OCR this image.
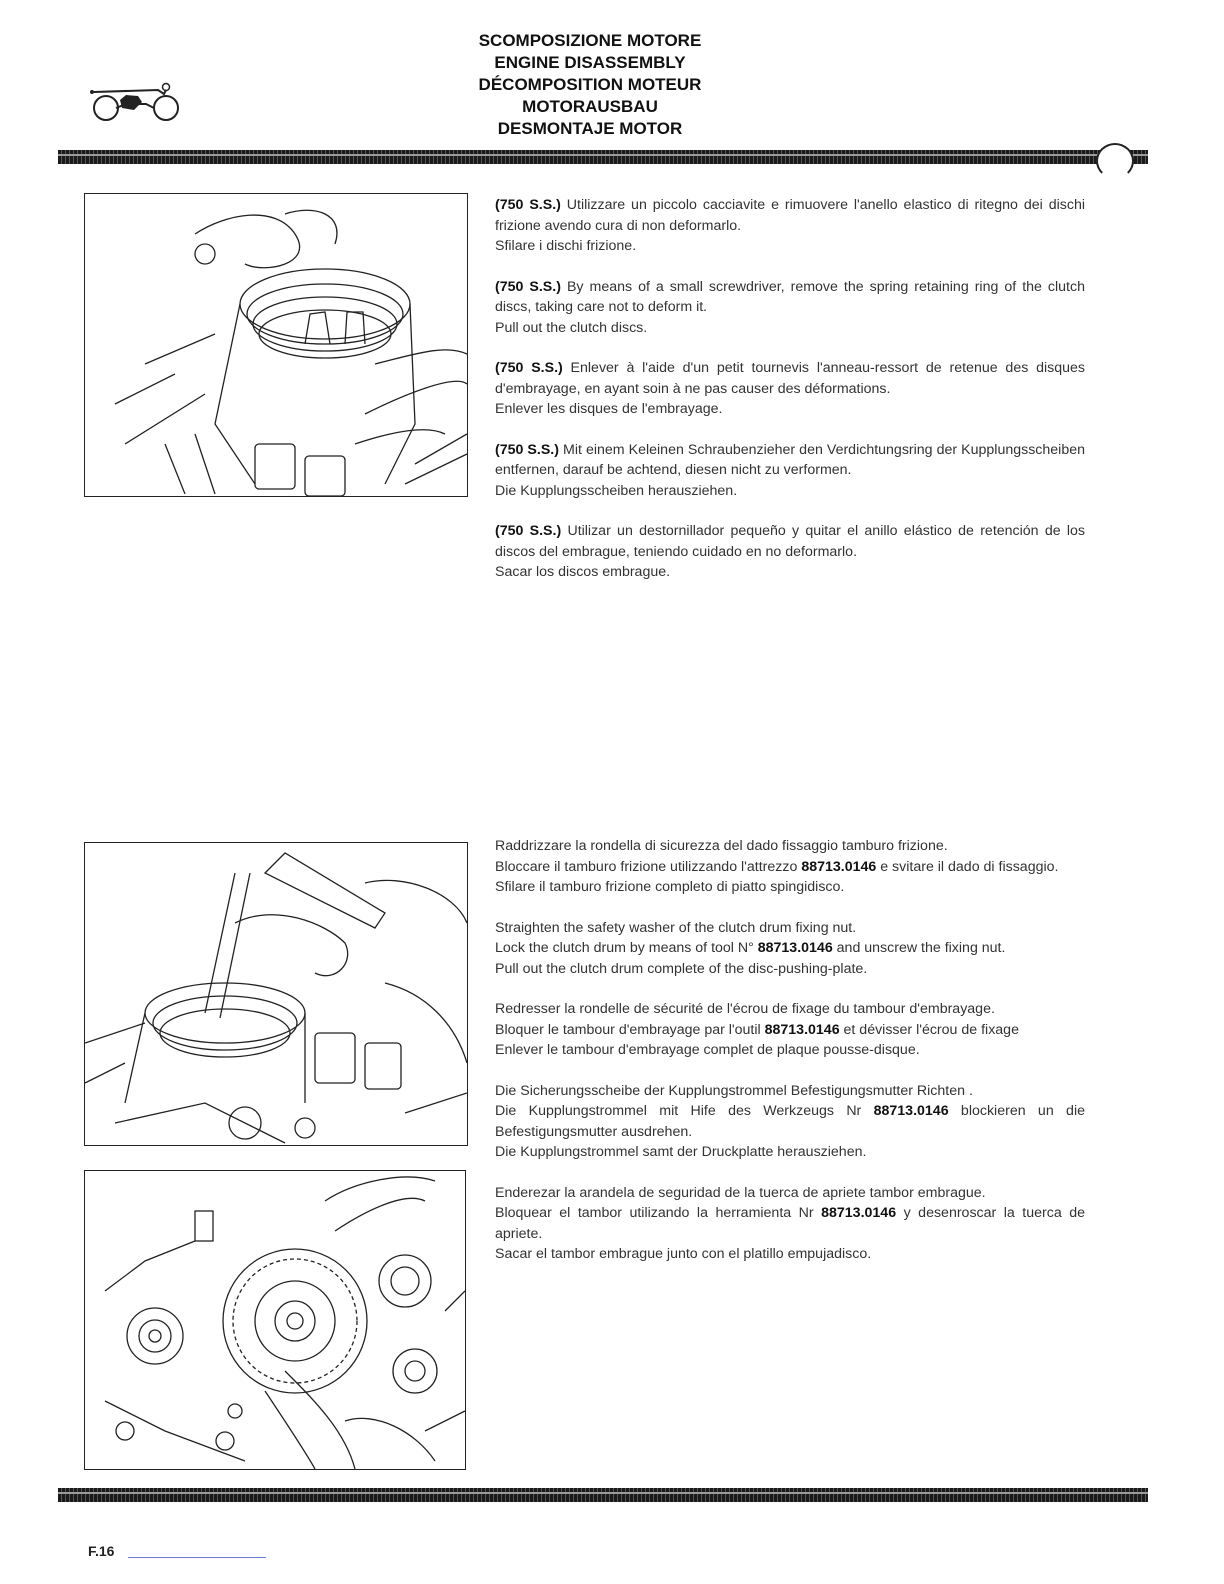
SCOMPOSIZIONE MOTORE
ENGINE DISASSEMBLY
DÉCOMPOSITION MOTEUR
MOTORAUSBAU
DESMONTAJE MOTOR

(750 S.S.) Utilizzare un piccolo cacciavite e rimuovere l'anello elastico di ritegno dei dischi frizione avendo cura di non deformarlo.
Sfilare i dischi frizione.

(750 S.S.) By means of a small screwdriver, remove the spring retaining ring of the clutch discs, taking care not to deform it.
Pull out the clutch discs.

(750 S.S.) Enlever à l'aide d'un petit tournevis l'anneau-ressort de retenue des disques d'embrayage, en ayant soin à ne pas causer des déformations.
Enlever les disques de l'embrayage.

(750 S.S.) Mit einem Keleinen Schraubenzieher den Verdichtungsring der Kupplungsscheiben entfernen, darauf be achtend, diesen nicht zu verformen.
Die Kupplungsscheiben herausziehen.

(750 S.S.) Utilizar un destornillador pequeño y quitar el anillo elástico de retención de los discos del embrague, teniendo cuidado en no deformarlo.
Sacar los discos embrague.

Raddrizzare la rondella di sicurezza del dado fissaggio tamburo frizione.
Bloccare il tamburo frizione utilizzando l'attrezzo 88713.0146 e svitare il dado di fissaggio.
Sfilare il tamburo frizione completo di piatto spingidisco.

Straighten the safety washer of the clutch drum fixing nut.
Lock the clutch drum by means of tool N° 88713.0146 and unscrew the fixing nut.
Pull out the clutch drum complete of the disc-pushing-plate.

Redresser la rondelle de sécurité de l'écrou de fixage du tambour d'embrayage.
Bloquer le tambour d'embrayage par l'outil 88713.0146 et dévisser l'écrou de fixage
Enlever le tambour d'embrayage complet de plaque pousse-disque.

Die Sicherungsscheibe der Kupplungstrommel Befestigungsmutter Richten .
Die Kupplungstrommel mit Hife des Werkzeugs Nr 88713.0146 blockieren un die Befestigungsmutter ausdrehen.
Die Kupplungstrommel samt der Druckplatte herausziehen.

Enderezar la arandela de seguridad de la tuerca de apriete tambor embrague.
Bloquear el tambor utilizando la herramienta Nr 88713.0146 y desenroscar la tuerca de apriete.
Sacar el tambor embrague junto con el platillo empujadisco.

F.16
